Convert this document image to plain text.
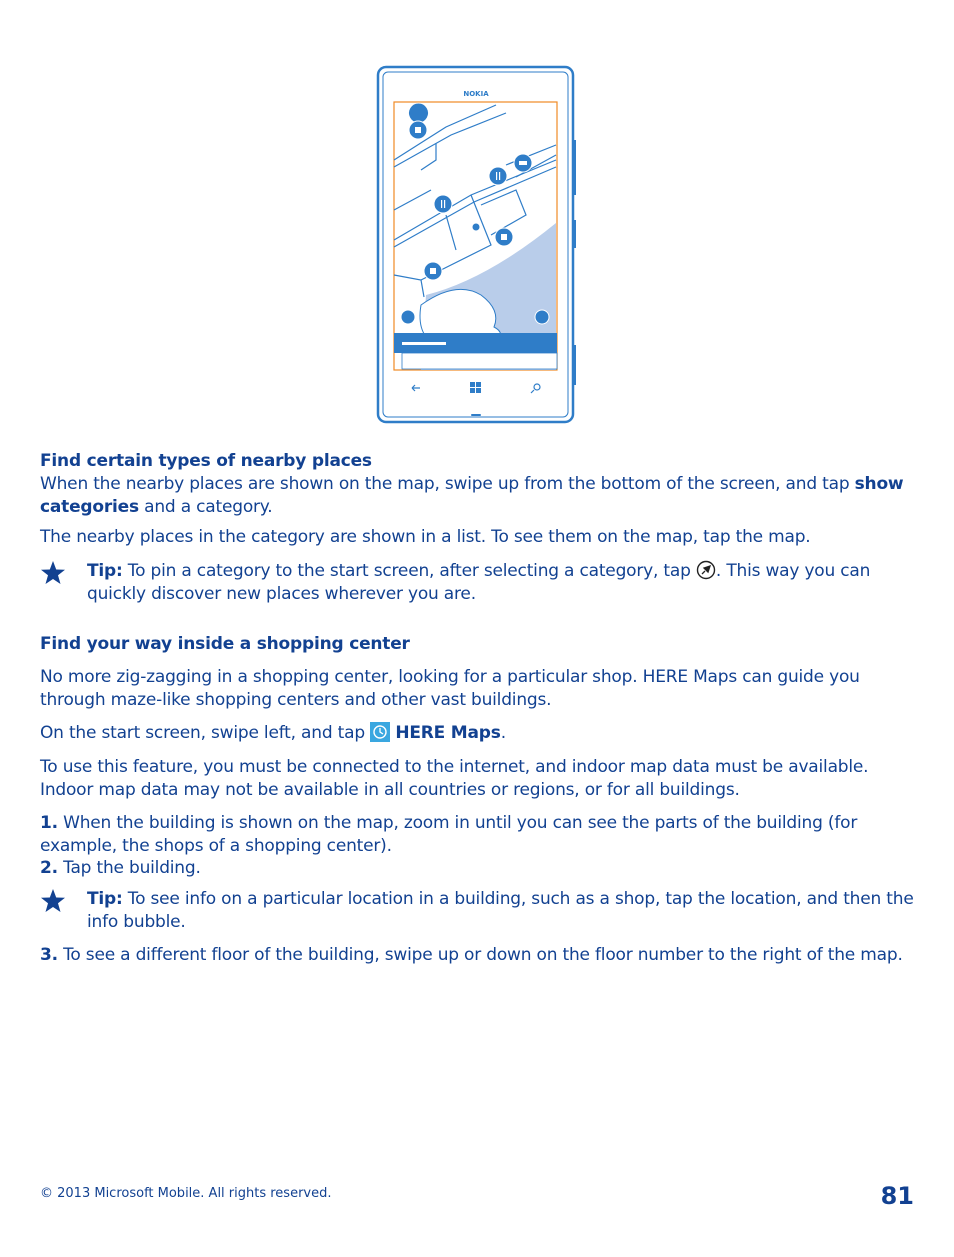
NOKIA
Find certain types of nearby places

When the nearby places are shown on the map, swipe up from the bottom of the screen, and tap show categories and a category.

The nearby places in the category are shown in a list. To see them on the map, tap the map.

Tip: To pin a category to the start screen, after selecting a category, tap . This way you can quickly discover new places wherever you are.
Find your way inside a shopping center

No more zig-zagging in a shopping center, looking for a particular shop. HERE Maps can guide you through maze-like shopping centers and other vast buildings.

On the start screen, swipe left, and tap  HERE Maps.

To use this feature, you must be connected to the internet, and indoor map data must be available. Indoor map data may not be available in all countries or regions, or for all buildings.

1. When the building is shown on the map, zoom in until you can see the parts of the building (for example, the shops of a shopping center).
2. Tap the building.

Tip: To see info on a particular location in a building, such as a shop, tap the location, and then the info bubble.

3. To see a different floor of the building, swipe up or down on the floor number to the right of the map.

© 2013 Microsoft Mobile. All rights reserved.	81
